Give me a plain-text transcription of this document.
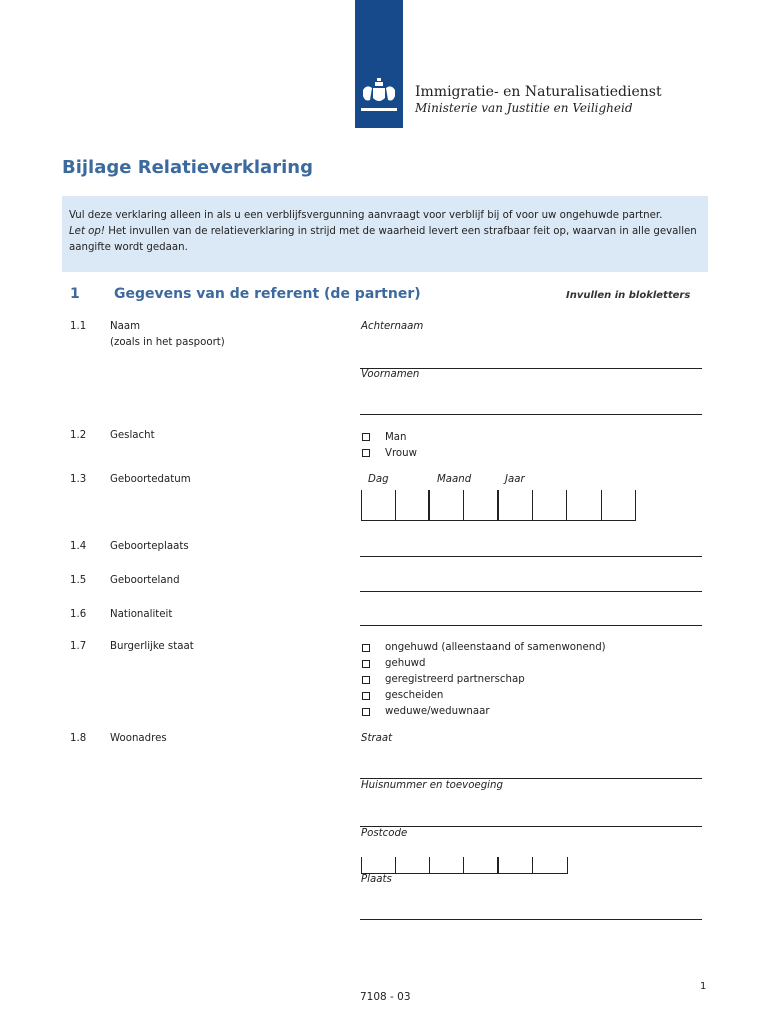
Immigratie- en Naturalisatiedienst
Ministerie van Justitie en Veiligheid
Bijlage Relatieverklaring
Vul deze verklaring alleen in als u een verblijfsvergunning aanvraagt voor verblijf bij of voor uw ongehuwde partner.
Let op! Het invullen van de relatieverklaring in strijd met de waarheid levert een strafbaar feit op, waarvan in alle gevallen aangifte wordt gedaan.
1 Gegevens van de referent (de partner)	Invullen in blokletters
1.1 Naam
(zoals in het paspoort)
Achternaam
Voornamen
1.2 Geslacht	Man
Vrouw
1.3 Geboortedatum	Dag	Maand	Jaar
1.4 Geboorteplaats
1.5 Geboorteland
1.6 Nationaliteit
1.7 Burgerlijke staat	ongehuwd (alleenstaand of samenwonend)
gehuwd
geregistreerd partnerschap
gescheiden
weduwe/weduwnaar
1.8 Woonadres	Straat
Huisnummer en toevoeging
Postcode
Plaats
1
7108 - 03
